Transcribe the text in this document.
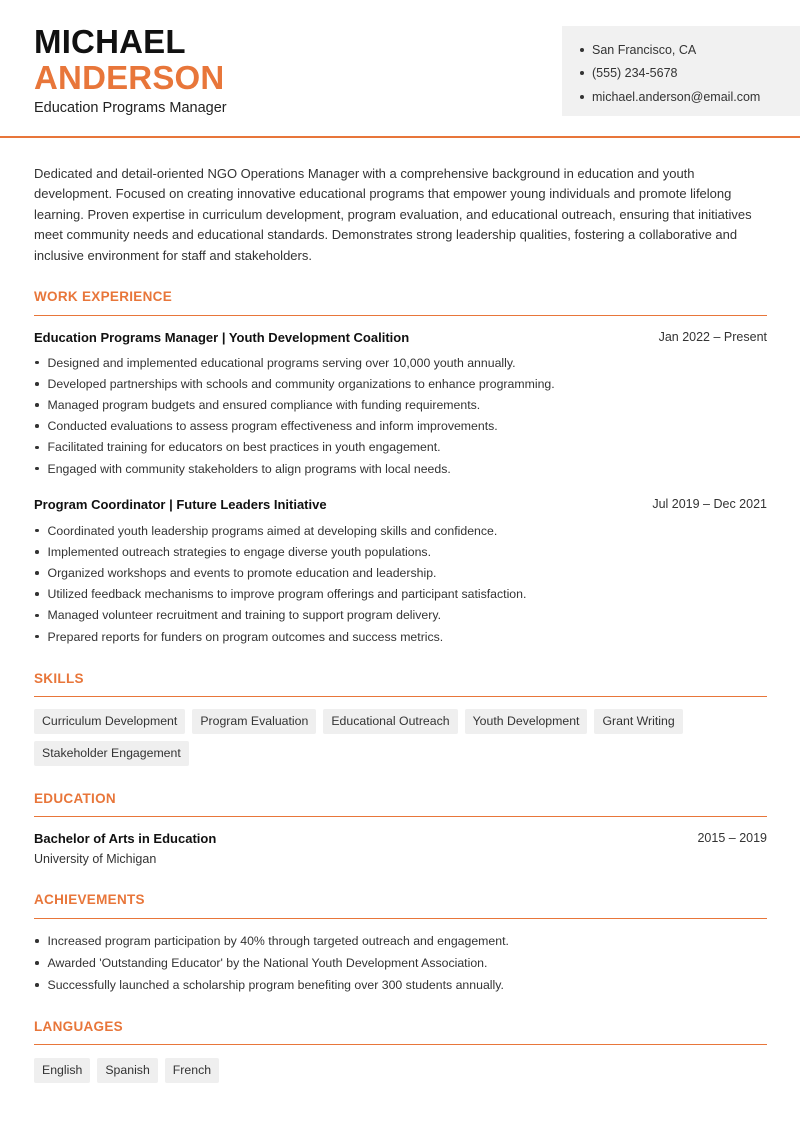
MICHAEL
ANDERSON
Education Programs Manager
San Francisco, CA
(555) 234-5678
michael.anderson@email.com

Dedicated and detail-oriented NGO Operations Manager with a comprehensive background in education and youth development. Focused on creating innovative educational programs that empower young individuals and promote lifelong learning. Proven expertise in curriculum development, program evaluation, and educational outreach, ensuring that initiatives meet community needs and educational standards. Demonstrates strong leadership qualities, fostering a collaborative and inclusive environment for staff and stakeholders.

WORK EXPERIENCE
Education Programs Manager | Youth Development Coalition	Jan 2022 – Present
Designed and implemented educational programs serving over 10,000 youth annually.
Developed partnerships with schools and community organizations to enhance programming.
Managed program budgets and ensured compliance with funding requirements.
Conducted evaluations to assess program effectiveness and inform improvements.
Facilitated training for educators on best practices in youth engagement.
Engaged with community stakeholders to align programs with local needs.
Program Coordinator | Future Leaders Initiative	Jul 2019 – Dec 2021
Coordinated youth leadership programs aimed at developing skills and confidence.
Implemented outreach strategies to engage diverse youth populations.
Organized workshops and events to promote education and leadership.
Utilized feedback mechanisms to improve program offerings and participant satisfaction.
Managed volunteer recruitment and training to support program delivery.
Prepared reports for funders on program outcomes and success metrics.
SKILLS
Curriculum Development	Program Evaluation	Educational Outreach	Youth Development	Grant Writing
Stakeholder Engagement
EDUCATION
Bachelor of Arts in Education	2015 – 2019
University of Michigan
ACHIEVEMENTS
Increased program participation by 40% through targeted outreach and engagement.
Awarded 'Outstanding Educator' by the National Youth Development Association.
Successfully launched a scholarship program benefiting over 300 students annually.
LANGUAGES
English	Spanish	French
